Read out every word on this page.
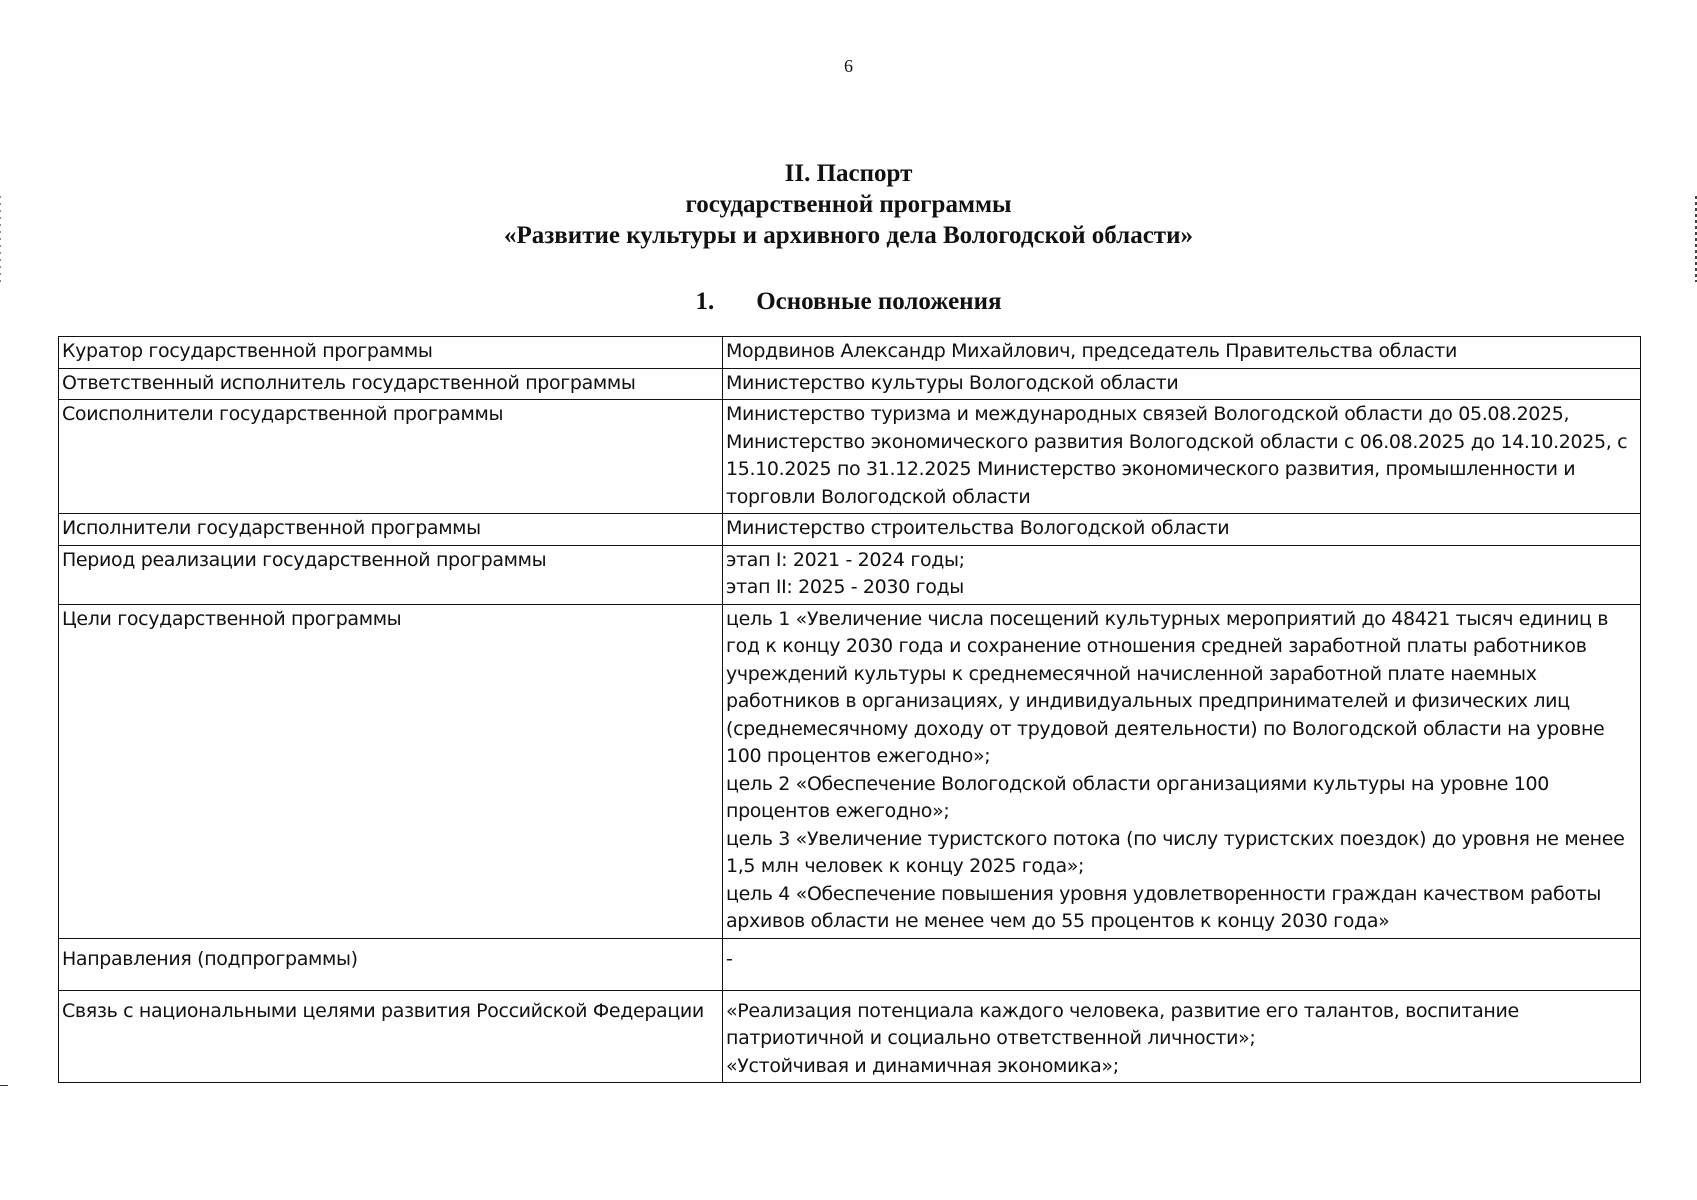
6
II. Паспорт
государственной программы
«Развитие культуры и архивного дела Вологодской области»
1. Основные положения
Куратор государственной программы	Мордвинов Александр Михайлович, председатель Правительства области

Ответственный исполнитель государственной программы	Министерство культуры Вологодской области

Соисполнители государственной программы	Министерство туризма и международных связей Вологодской области до 05.08.2025, Министерство экономического развития Вологодской области с 06.08.2025 до 14.10.2025, с 15.10.2025 по 31.12.2025 Министерство экономического развития, промышленности и торговли Вологодской области

Исполнители государственной программы	Министерство строительства Вологодской области

Период реализации государственной программы	этап I: 2021 - 2024 годы;
этап II: 2025 - 2030 годы

Цели государственной программы	цель 1 «Увеличение числа посещений культурных мероприятий до 48421 тысяч единиц в год к концу 2030 года и сохранение отношения средней заработной платы работников учреждений культуры к среднемесячной начисленной заработной плате наемных работников в организациях, у индивидуальных предпринимателей и физических лиц (среднемесячному доходу от трудовой деятельности) по Вологодской области на уровне 100 процентов ежегодно»;
цель 2 «Обеспечение Вологодской области организациями культуры на уровне 100 процентов ежегодно»;
цель 3 «Увеличение туристского потока (по числу туристских поездок) до уровня не менее 1,5 млн человек к концу 2025 года»;
цель 4 «Обеспечение повышения уровня удовлетворенности граждан качеством работы архивов области не менее чем до 55 процентов к концу 2030 года»

Направления (подпрограммы)	-

Связь с национальными целями развития Российской Федерации	«Реализация потенциала каждого человека, развитие его талантов, воспитание патриотичной и социально ответственной личности»;
«Устойчивая и динамичная экономика»;
